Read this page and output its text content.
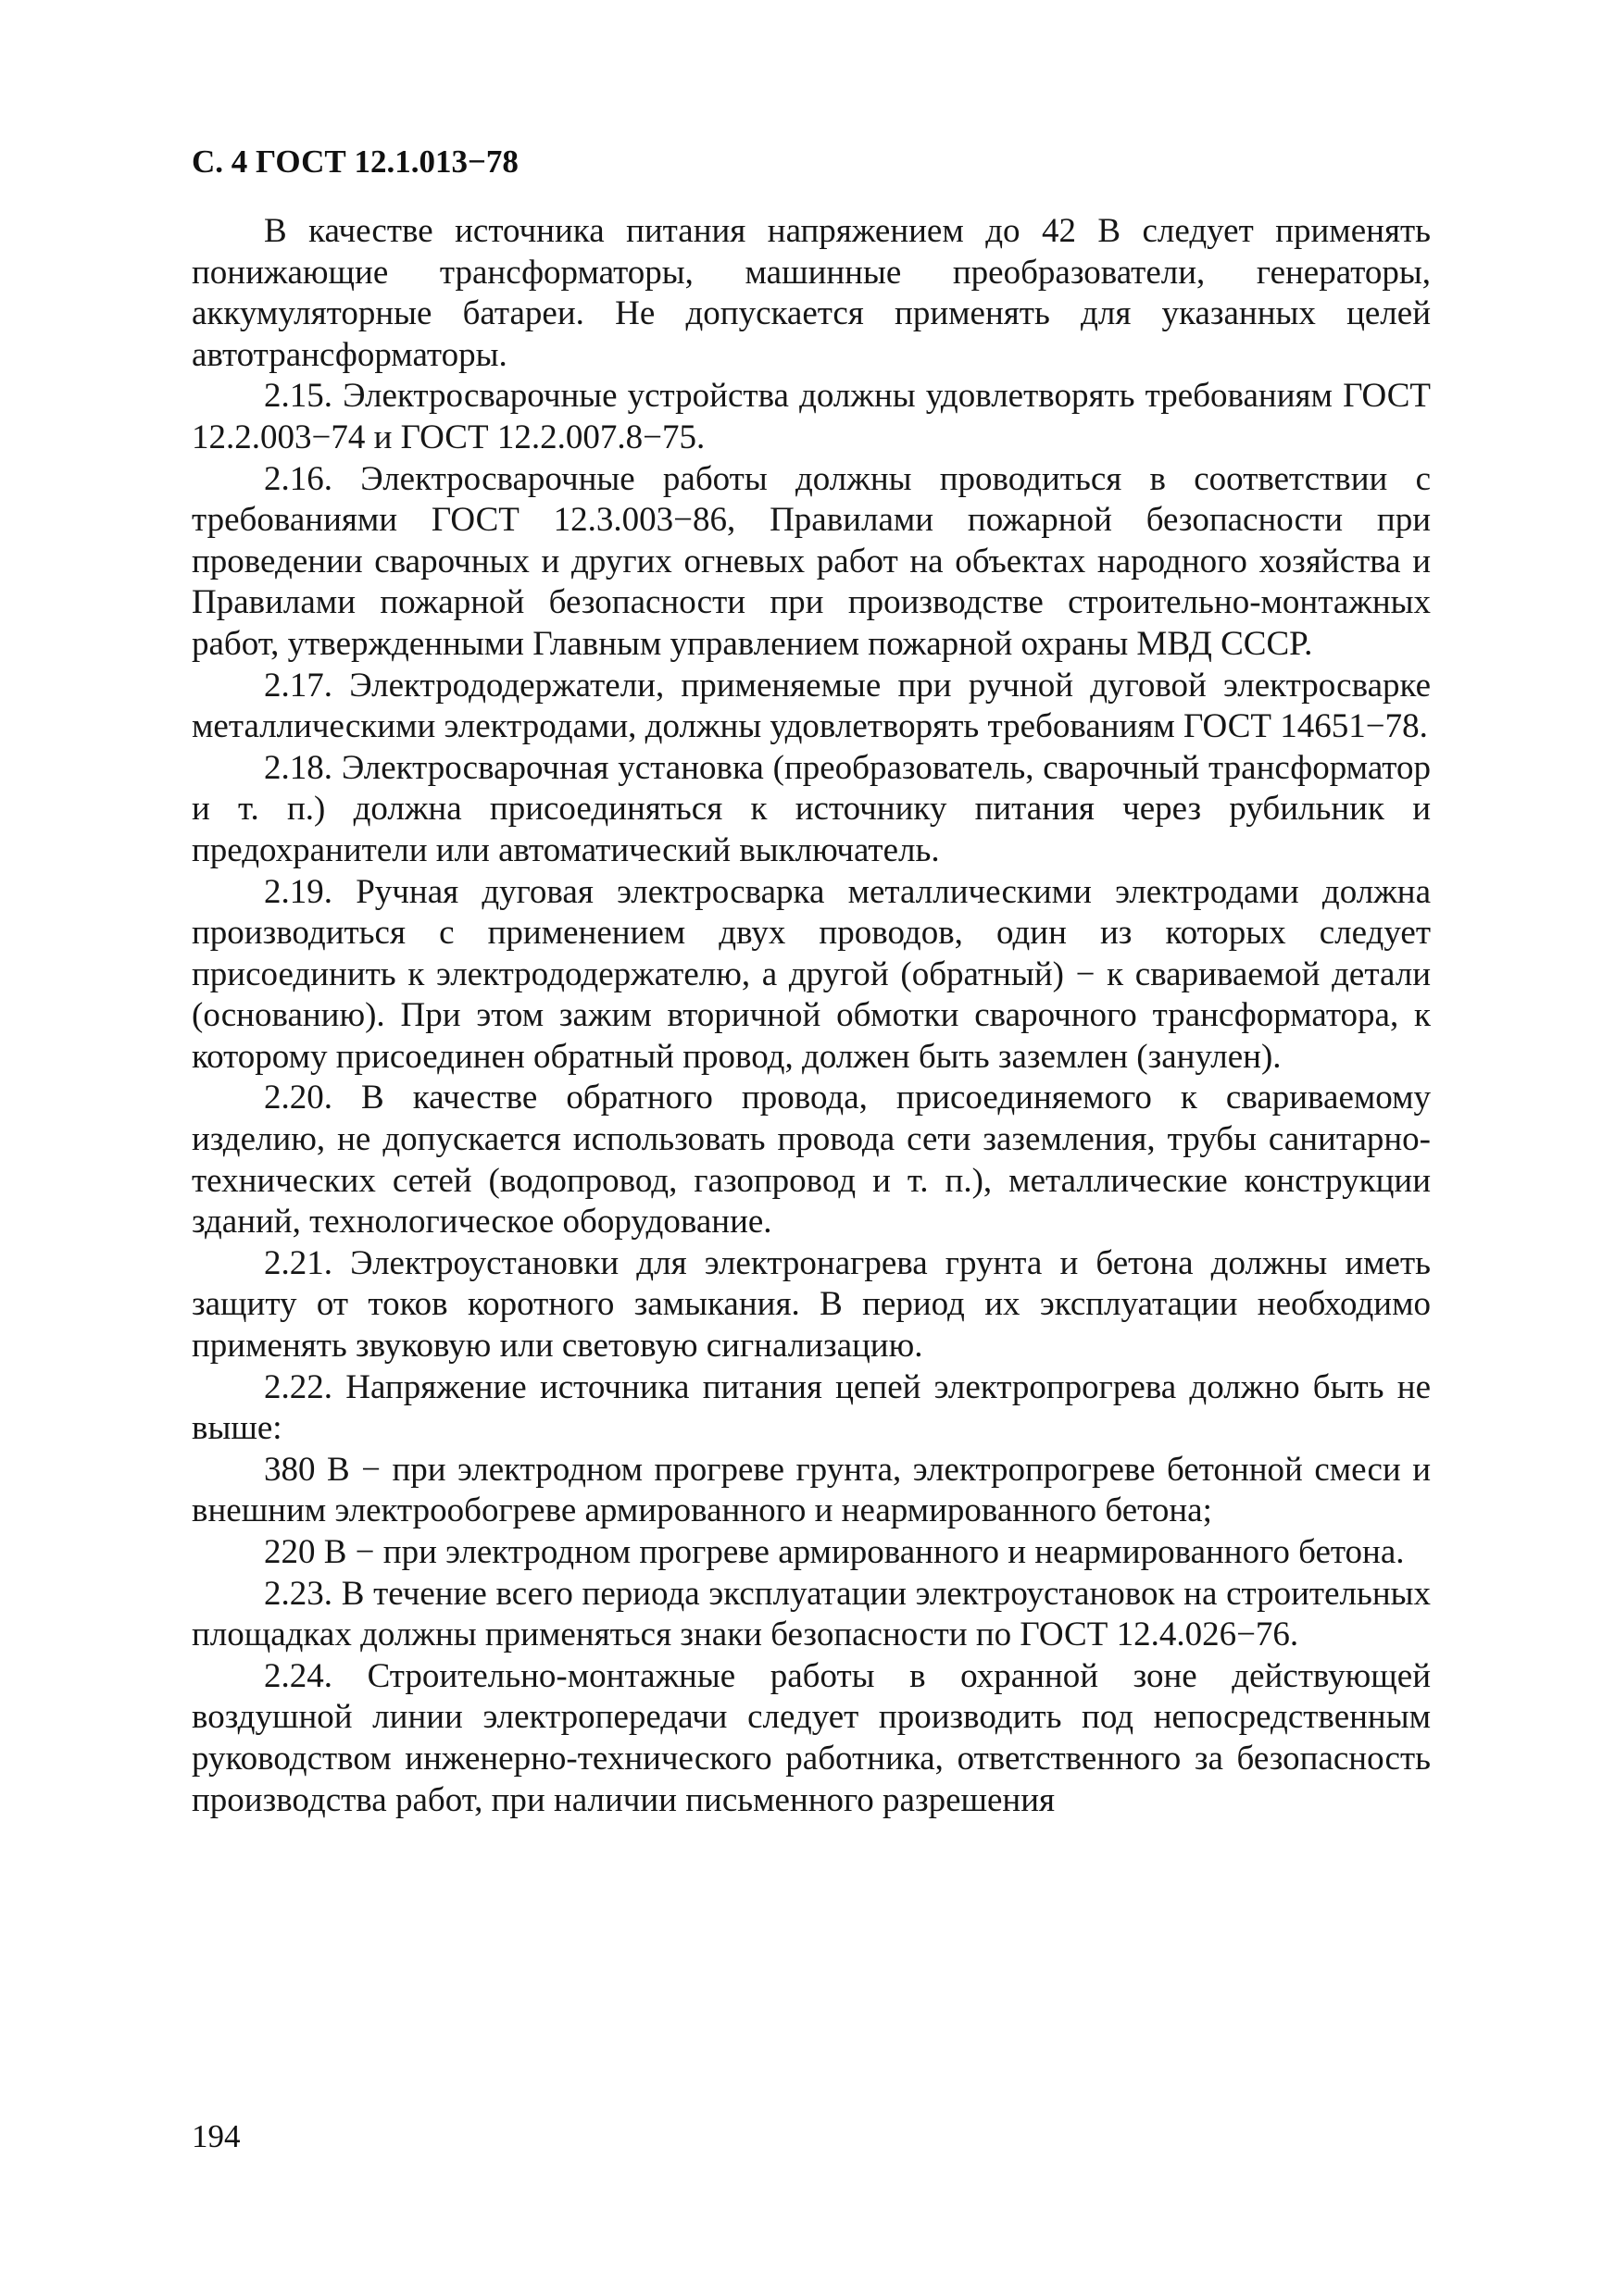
С. 4 ГОСТ 12.1.013−78

В качестве источника питания напряжением до 42 В следует применять понижающие трансформаторы, машинные преобразователи, генераторы, аккумуляторные батареи. Не допускается применять для указанных целей автотрансформаторы.

2.15. Электросварочные устройства должны удовлетворять требованиям ГОСТ 12.2.003−74 и ГОСТ 12.2.007.8−75.

2.16. Электросварочные работы должны проводиться в соответствии с требованиями ГОСТ 12.3.003−86, Правилами пожарной безопасности при проведении сварочных и других огневых работ на объектах народного хозяйства и Правилами пожарной безопасности при производстве строительно-монтажных работ, утвержденными Главным управлением пожарной охраны МВД СССР.

2.17. Электрододержатели, применяемые при ручной дуговой электросварке металлическими электродами, должны удовлетворять требованиям ГОСТ 14651−78.

2.18. Электросварочная установка (преобразователь, сварочный трансформатор и т. п.) должна присоединяться к источнику питания через рубильник и предохранители или автоматический выключатель.

2.19. Ручная дуговая электросварка металлическими электродами должна производиться с применением двух проводов, один из которых следует присоединить к электрододержателю, а другой (обратный) − к свариваемой детали (основанию). При этом зажим вторичной обмотки сварочного трансформатора, к которому присоединен обратный провод, должен быть заземлен (занулен).

2.20. В качестве обратного провода, присоединяемого к свариваемому изделию, не допускается использовать провода сети заземления, трубы санитарно-технических сетей (водопровод, газопровод и т. п.), металлические конструкции зданий, технологическое оборудование.

2.21. Электроустановки для электронагрева грунта и бетона должны иметь защиту от токов коротного замыкания. В период их эксплуатации необходимо применять звуковую или световую сигнализацию.

2.22. Напряжение источника питания цепей электропрогрева должно быть не выше:

380 В − при электродном прогреве грунта, электропрогреве бетонной смеси и внешним электрообогреве армированного и неармированного бетона;

220 В − при электродном прогреве армированного и неармированного бетона.

2.23. В течение всего периода эксплуатации электроустановок на строительных площадках должны применяться знаки безопасности по ГОСТ 12.4.026−76.

2.24. Строительно-монтажные работы в охранной зоне действующей воздушной линии электропередачи следует производить под непосредственным руководством инженерно-технического работника, ответственного за безопасность производства работ, при наличии письменного разрешения

194
